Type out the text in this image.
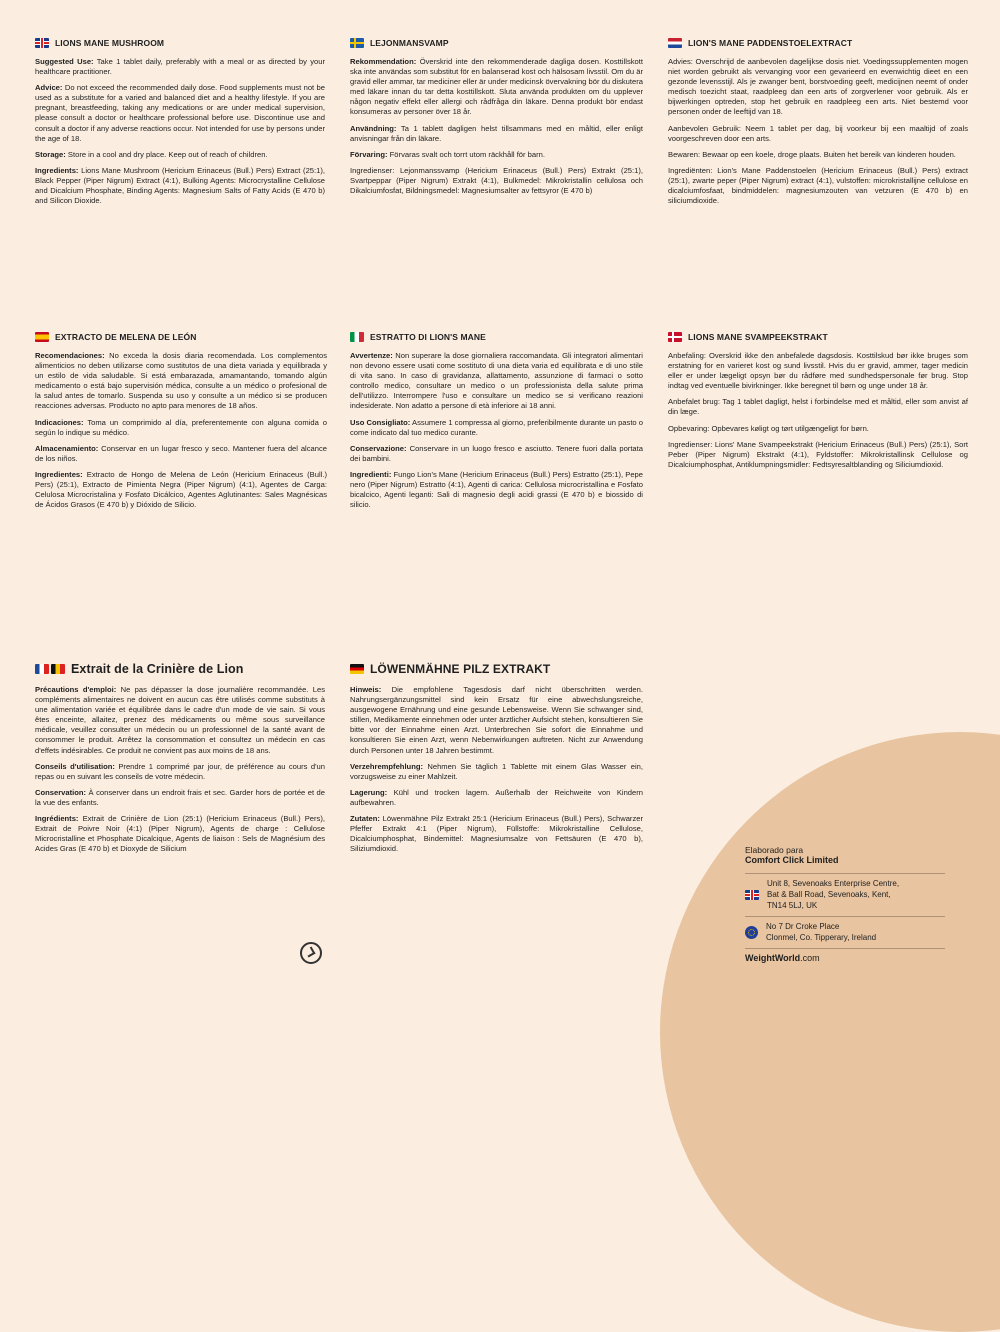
LIONS MANE MUSHROOM

Suggested Use: Take 1 tablet daily, preferably with a meal or as directed by your healthcare practitioner.

Advice: Do not exceed the recommended daily dose. Food supplements must not be used as a substitute for a varied and balanced diet and a healthy lifestyle. If you are pregnant, breastfeeding, taking any medications or are under medical supervision, please consult a doctor or healthcare professional before use. Discontinue use and consult a doctor if any adverse reactions occur. Not intended for use by persons under the age of 18.

Storage: Store in a cool and dry place. Keep out of reach of children.

Ingredients: Lions Mane Mushroom (Hericium Erinaceus (Bull.) Pers) Extract (25:1), Black Pepper (Piper Nigrum) Extract (4:1), Bulking Agents: Microcrystalline Cellulose and Dicalcium Phosphate, Binding Agents: Magnesium Salts of Fatty Acids (E 470 b) and Silicon Dioxide.

LEJONMANSVAMP

Rekommendation: Överskrid inte den rekommenderade dagliga dosen. Kosttillskott ska inte användas som substitut för en balanserad kost och hälsosam livsstil. Om du är gravid eller ammar, tar mediciner eller är under medicinsk övervakning bör du diskutera med läkare innan du tar detta kosttillskott. Sluta använda produkten om du upplever någon negativ effekt eller allergi och rådfråga din läkare. Denna produkt bör endast konsumeras av personer över 18 år.

Användning: Ta 1 tablett dagligen helst tillsammans med en måltid, eller enligt anvisningar från din läkare.

Förvaring: Förvaras svalt och torrt utom räckhåll för barn.

Ingredienser: Lejonmanssvamp (Hericium Erinaceus (Bull.) Pers) Extrakt (25:1), Svartpeppar (Piper Nigrum) Extrakt (4:1), Bulkmedel: Mikrokristallin cellulosa och Dikalciumfosfat, Bildningsmedel: Magnesiumsalter av fettsyror (E 470 b)

LION'S MANE PADDENSTOELEXTRACT

Advies: Overschrijd de aanbevolen dagelijkse dosis niet. Voedingssupplementen mogen niet worden gebruikt als vervanging voor een gevarieerd en evenwichtig dieet en een gezonde levensstijl. Als je zwanger bent, borstvoeding geeft, medicijnen neemt of onder medisch toezicht staat, raadpleeg dan een arts of zorgverlener voor gebruik. Als er bijwerkingen optreden, stop het gebruik en raadpleeg een arts. Niet bestemd voor personen onder de leeftijd van 18.

Aanbevolen Gebruik: Neem 1 tablet per dag, bij voorkeur bij een maaltijd of zoals voorgeschreven door een arts.

Bewaren: Bewaar op een koele, droge plaats. Buiten het bereik van kinderen houden.

Ingrediënten: Lion's Mane Paddenstoelen (Hericium Erinaceus (Bull.) Pers) extract (25:1), zwarte peper (Piper Nigrum) extract (4:1), vulstoffen: microkristallijne cellulose en dicalciumfosfaat, bindmiddelen: magnesiumzouten van vetzuren (E 470 b) en siliciumdioxide.

EXTRACTO DE MELENA DE LEÓN

Recomendaciones: No exceda la dosis diaria recomendada. Los complementos alimenticios no deben utilizarse como sustitutos de una dieta variada y equilibrada y un estilo de vida saludable. Si está embarazada, amamantando, tomando algún medicamento o está bajo supervisión médica, consulte a un médico o profesional de la salud antes de tomarlo. Suspenda su uso y consulte a un médico si se producen reacciones adversas. Producto no apto para menores de 18 años.

Indicaciones: Toma un comprimido al día, preferentemente con alguna comida o según lo indique su médico.

Almacenamiento: Conservar en un lugar fresco y seco. Mantener fuera del alcance de los niños.

Ingredientes: Extracto de Hongo de Melena de León (Hericium Erinaceus (Bull.) Pers) (25:1), Extracto de Pimienta Negra (Piper Nigrum) (4:1), Agentes de Carga: Celulosa Microcristalina y Fosfato Dicálcico, Agentes Aglutinantes: Sales Magnésicas de Ácidos Grasos (E 470 b) y Dióxido de Silicio.

ESTRATTO DI LION'S MANE

Avvertenze: Non superare la dose giornaliera raccomandata. Gli integratori alimentari non devono essere usati come sostituto di una dieta varia ed equilibrata e di uno stile di vita sano. In caso di gravidanza, allattamento, assunzione di farmaci o sotto controllo medico, consultare un medico o un professionista della salute prima dell'utilizzo. Interrompere l'uso e consultare un medico se si verificano reazioni indesiderate. Non adatto a persone di età inferiore ai 18 anni.

Uso Consigliato: Assumere 1 compressa al giorno, preferibilmente durante un pasto o come indicato dal tuo medico curante.

Conservazione: Conservare in un luogo fresco e asciutto. Tenere fuori dalla portata dei bambini.

Ingredienti: Fungo Lion's Mane (Hericium Erinaceus (Bull.) Pers) Estratto (25:1), Pepe nero (Piper Nigrum) Estratto (4:1), Agenti di carica: Cellulosa microcristallina e Fosfato bicalcico, Agenti leganti: Sali di magnesio degli acidi grassi (E 470 b) e biossido di silicio.

LIONS MANE SVAMPEEKSTRAKT

Anbefaling: Overskrid ikke den anbefalede dagsdosis. Kosttilskud bør ikke bruges som erstatning for en varieret kost og sund livsstil. Hvis du er gravid, ammer, tager medicin eller er under lægeligt opsyn bør du rådføre med sundhedspersonale før brug. Stop indtag ved eventuelle bivirkninger. Ikke beregnet til børn og unge under 18 år.

Anbefalet brug: Tag 1 tablet dagligt, helst i forbindelse med et måltid, eller som anvist af din læge.

Opbevaring: Opbevares køligt og tørt utilgængeligt for børn.

Ingredienser: Lions' Mane Svampeekstrakt (Hericium Erinaceus (Bull.) Pers) (25:1), Sort Peber (Piper Nigrum) Ekstrakt (4:1), Fyldstoffer: Mikrokristallinsk Cellulose og Dicalciumphosphat, Antiklumpningsmidler: Fedtsyresaltblanding og Siliciumdioxid.

Extrait de la Crinière de Lion

Précautions d'emploi: Ne pas dépasser la dose journalière recommandée. Les compléments alimentaires ne doivent en aucun cas être utilisés comme substituts à une alimentation variée et équilibrée dans le cadre d'un mode de vie sain. Si vous êtes enceinte, allaitez, prenez des médicaments ou même sous surveillance médicale, veuillez consulter un médecin ou un professionnel de la santé avant de consommer le produit. Arrêtez la consommation et consultez un médecin en cas d'effets indésirables. Ce produit ne convient pas aux moins de 18 ans.

Conseils d'utilisation: Prendre 1 comprimé par jour, de préférence au cours d'un repas ou en suivant les conseils de votre médecin.

Conservation: À conserver dans un endroit frais et sec. Garder hors de portée et de la vue des enfants.

Ingrédients: Extrait de Crinière de Lion (25:1) (Hericium Erinaceus (Bull.) Pers), Extrait de Poivre Noir (4:1) (Piper Nigrum), Agents de charge : Cellulose Microcristalline et Phosphate Dicalcique, Agents de liaison : Sels de Magnésium des Acides Gras (E 470 b) et Dioxyde de Silicium

LÖWENMÄHNE PILZ EXTRAKT

Hinweis: Die empfohlene Tagesdosis darf nicht überschritten werden. Nahrungsergänzungsmittel sind kein Ersatz für eine abwechslungsreiche, ausgewogene Ernährung und eine gesunde Lebensweise. Wenn Sie schwanger sind, stillen, Medikamente einnehmen oder unter ärztlicher Aufsicht stehen, konsultieren Sie bitte vor der Einnahme einen Arzt. Unterbrechen Sie sofort die Einnahme und konsultieren Sie einen Arzt, wenn Nebenwirkungen auftreten. Nicht zur Anwendung durch Personen unter 18 Jahren bestimmt.

Verzehrempfehlung: Nehmen Sie täglich 1 Tablette mit einem Glas Wasser ein, vorzugsweise zu einer Mahlzeit.

Lagerung: Kühl und trocken lagern. Außerhalb der Reichweite von Kindern aufbewahren.

Zutaten: Löwenmähne Pilz Extrakt 25:1 (Hericium Erinaceus (Bull.) Pers), Schwarzer Pfeffer Extrakt 4:1 (Piper Nigrum), Füllstoffe: Mikrokristalline Cellulose, Dicalciumphosphat, Bindemittel: Magnesiumsalze von Fettsäuren (E 470 b), Siliziumdioxid.	Elaborado para
Comfort Click Limited
Unit 8, Sevenoaks Enterprise Centre,
Bat & Ball Road, Sevenoaks, Kent,
TN14 5LJ, UK
No 7 Dr Croke Place
Clonmel, Co. Tipperary, Ireland
WeightWorld.com
